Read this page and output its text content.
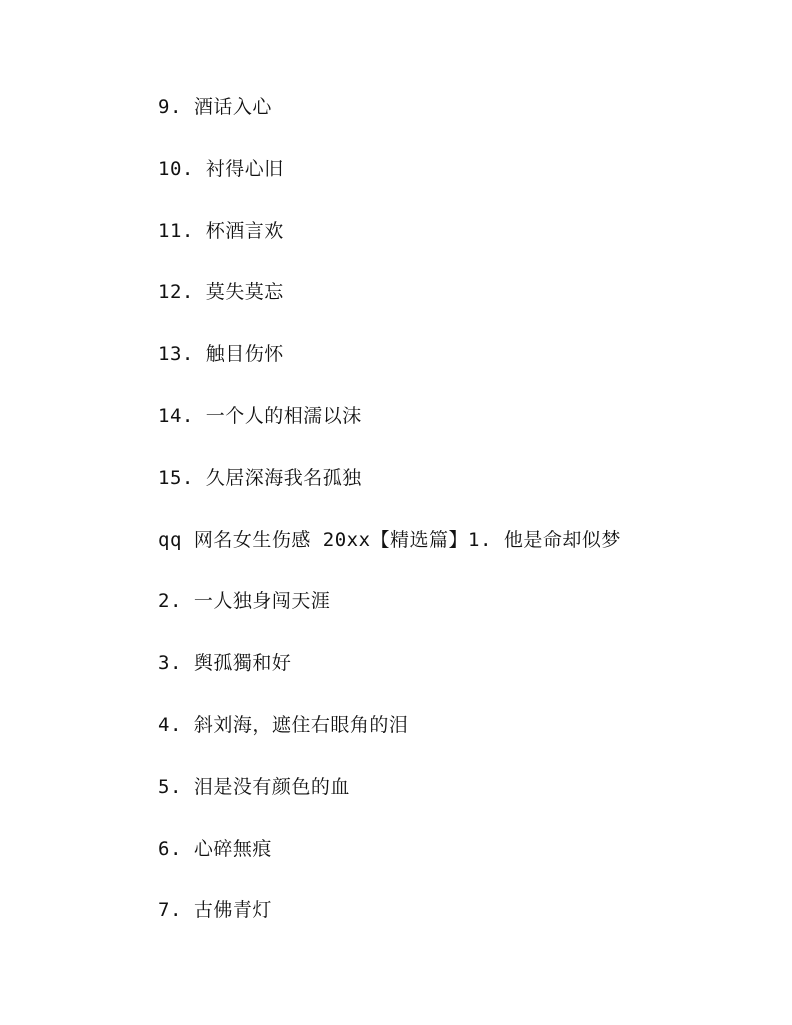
9. 酒话入心
10. 衬得心旧
11. 杯酒言欢
12. 莫失莫忘
13. 触目伤怀
14. 一个人的相濡以沫
15. 久居深海我名孤独
qq 网名女生伤感 20xx【精选篇】1. 他是命却似梦
2. 一人独身闯天涯
3. 舆孤獨和好
4. 斜刘海，遮住右眼角的泪
5. 泪是没有颜色的血
6. 心碎無痕
7. 古佛青灯
